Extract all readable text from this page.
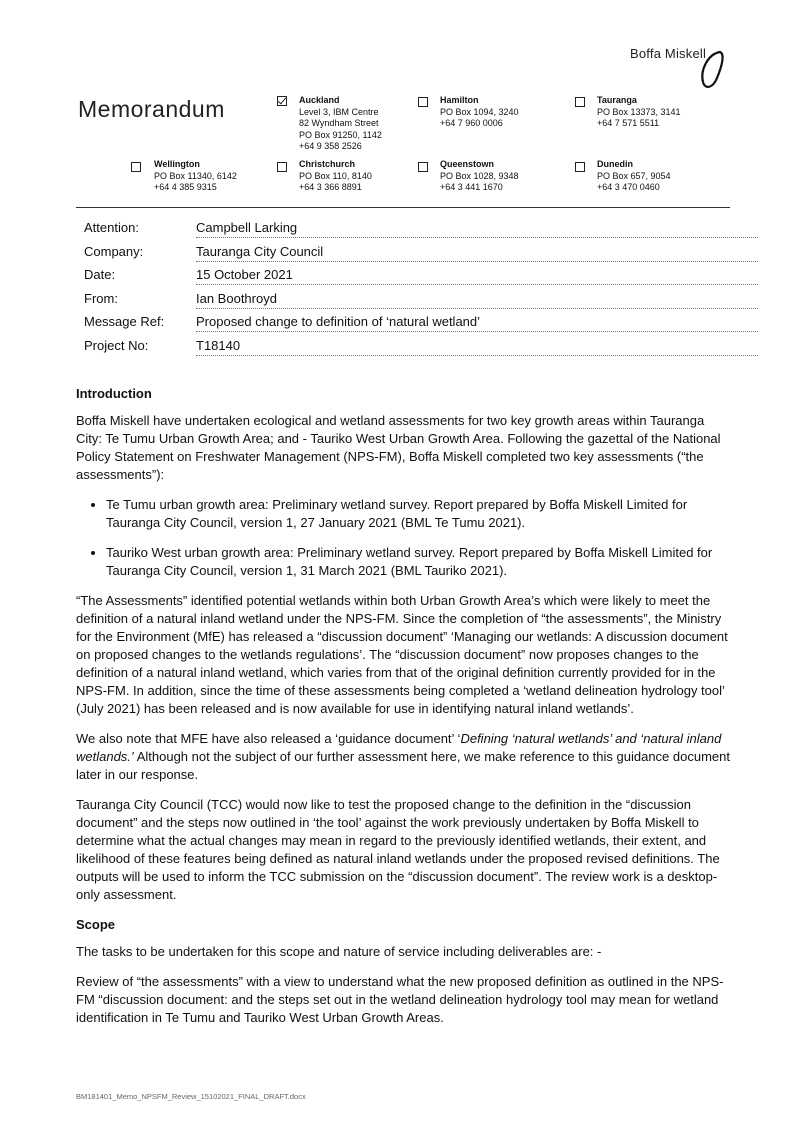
Boffa Miskell
Memorandum	Auckland
Level 3, IBM Centre
82 Wyndham Street
PO Box 91250, 1142
+64 9 358 2526
Hamilton
PO Box 1094, 3240
+64 7 960 0006
Tauranga
PO Box 13373, 3141
+64 7 571 5511
Wellington
PO Box 11340, 6142
+64 4 385 9315
Christchurch
PO Box 110, 8140
+64 3 366 8891
Queenstown
PO Box 1028, 9348
+64 3 441 1670
Dunedin
PO Box 657, 9054
+64 3 470 0460
Attention:	Campbell Larking
Company:	Tauranga City Council
Date:	15 October 2021
From:	Ian Boothroyd
Message Ref: Proposed change to definition of ‘natural wetland’
Project No:	T18140
Introduction

Boffa Miskell have undertaken ecological and wetland assessments for two key growth areas within Tauranga City: Te Tumu Urban Growth Area; and - Tauriko West Urban Growth Area. Following the gazettal of the National Policy Statement on Freshwater Management (NPS-FM), Boffa Miskell completed two key assessments (“the assessments”):

• Te Tumu urban growth area: Preliminary wetland survey. Report prepared by Boffa Miskell Limited for Tauranga City Council, version 1, 27 January 2021 (BML Te Tumu 2021).
• Tauriko West urban growth area: Preliminary wetland survey. Report prepared by Boffa Miskell Limited for Tauranga City Council, version 1, 31 March 2021 (BML Tauriko 2021).

“The Assessments” identified potential wetlands within both Urban Growth Area’s which were likely to meet the definition of a natural inland wetland under the NPS-FM. Since the completion of “the assessments”, the Ministry for the Environment (MfE) has released a “discussion document” ‘Managing our wetlands: A discussion document on proposed changes to the wetlands regulations’. The “discussion document” now proposes changes to the definition of a natural inland wetland, which varies from that of the original definition currently provided for in the NPS-FM. In addition, since the time of these assessments being completed a ‘wetland delineation hydrology tool’ (July 2021) has been released and is now available for use in identifying natural inland wetlands’.

We also note that MFE have also released a ‘guidance document’ ‘Defining ‘natural wetlands’ and ‘natural inland wetlands.’ Although not the subject of our further assessment here, we make reference to this guidance document later in our response.

Tauranga City Council (TCC) would now like to test the proposed change to the definition in the “discussion document” and the steps now outlined in ‘the tool’ against the work previously undertaken by Boffa Miskell to determine what the actual changes may mean in regard to the previously identified wetlands, their extent, and likelihood of these features being defined as natural inland wetlands under the proposed revised definitions. The outputs will be used to inform the TCC submission on the “discussion document”. The review work is a desktop-only assessment.

Scope

The tasks to be undertaken for this scope and nature of service including deliverables are: -

Review of “the assessments” with a view to understand what the new proposed definition as outlined in the NPS-FM “discussion document: and the steps set out in the wetland delineation hydrology tool may mean for wetland identification in Te Tumu and Tauriko West Urban Growth Areas.

BM181401_Memo_NPSFM_Review_15102021_FINAL_DRAFT.docx
